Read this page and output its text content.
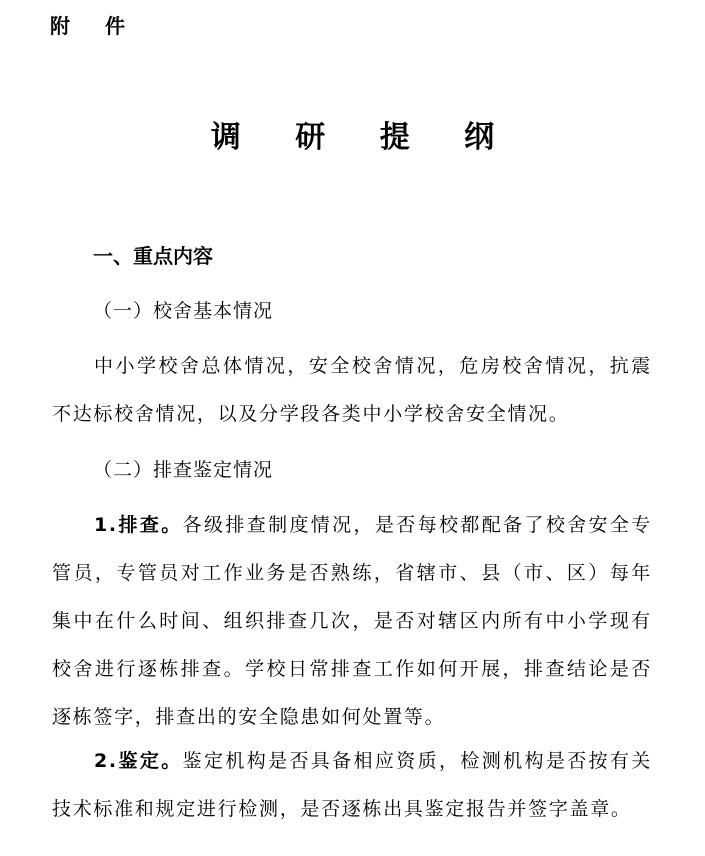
附 件
调 研 提 纲
一、重点内容
（一）校舍基本情况

中小学校舍总体情况，安全校舍情况，危房校舍情况，抗震不达标校舍情况，以及分学段各类中小学校舍安全情况。

（二）排查鉴定情况

1.排查。各级排查制度情况，是否每校都配备了校舍安全专管员，专管员对工作业务是否熟练，省辖市、县（市、区）每年集中在什么时间、组织排查几次，是否对辖区内所有中小学现有校舍进行逐栋排查。学校日常排查工作如何开展，排查结论是否逐栋签字，排查出的安全隐患如何处置等。

2.鉴定。鉴定机构是否具备相应资质，检测机构是否按有关技术标准和规定进行检测，是否逐栋出具鉴定报告并签字盖章。
